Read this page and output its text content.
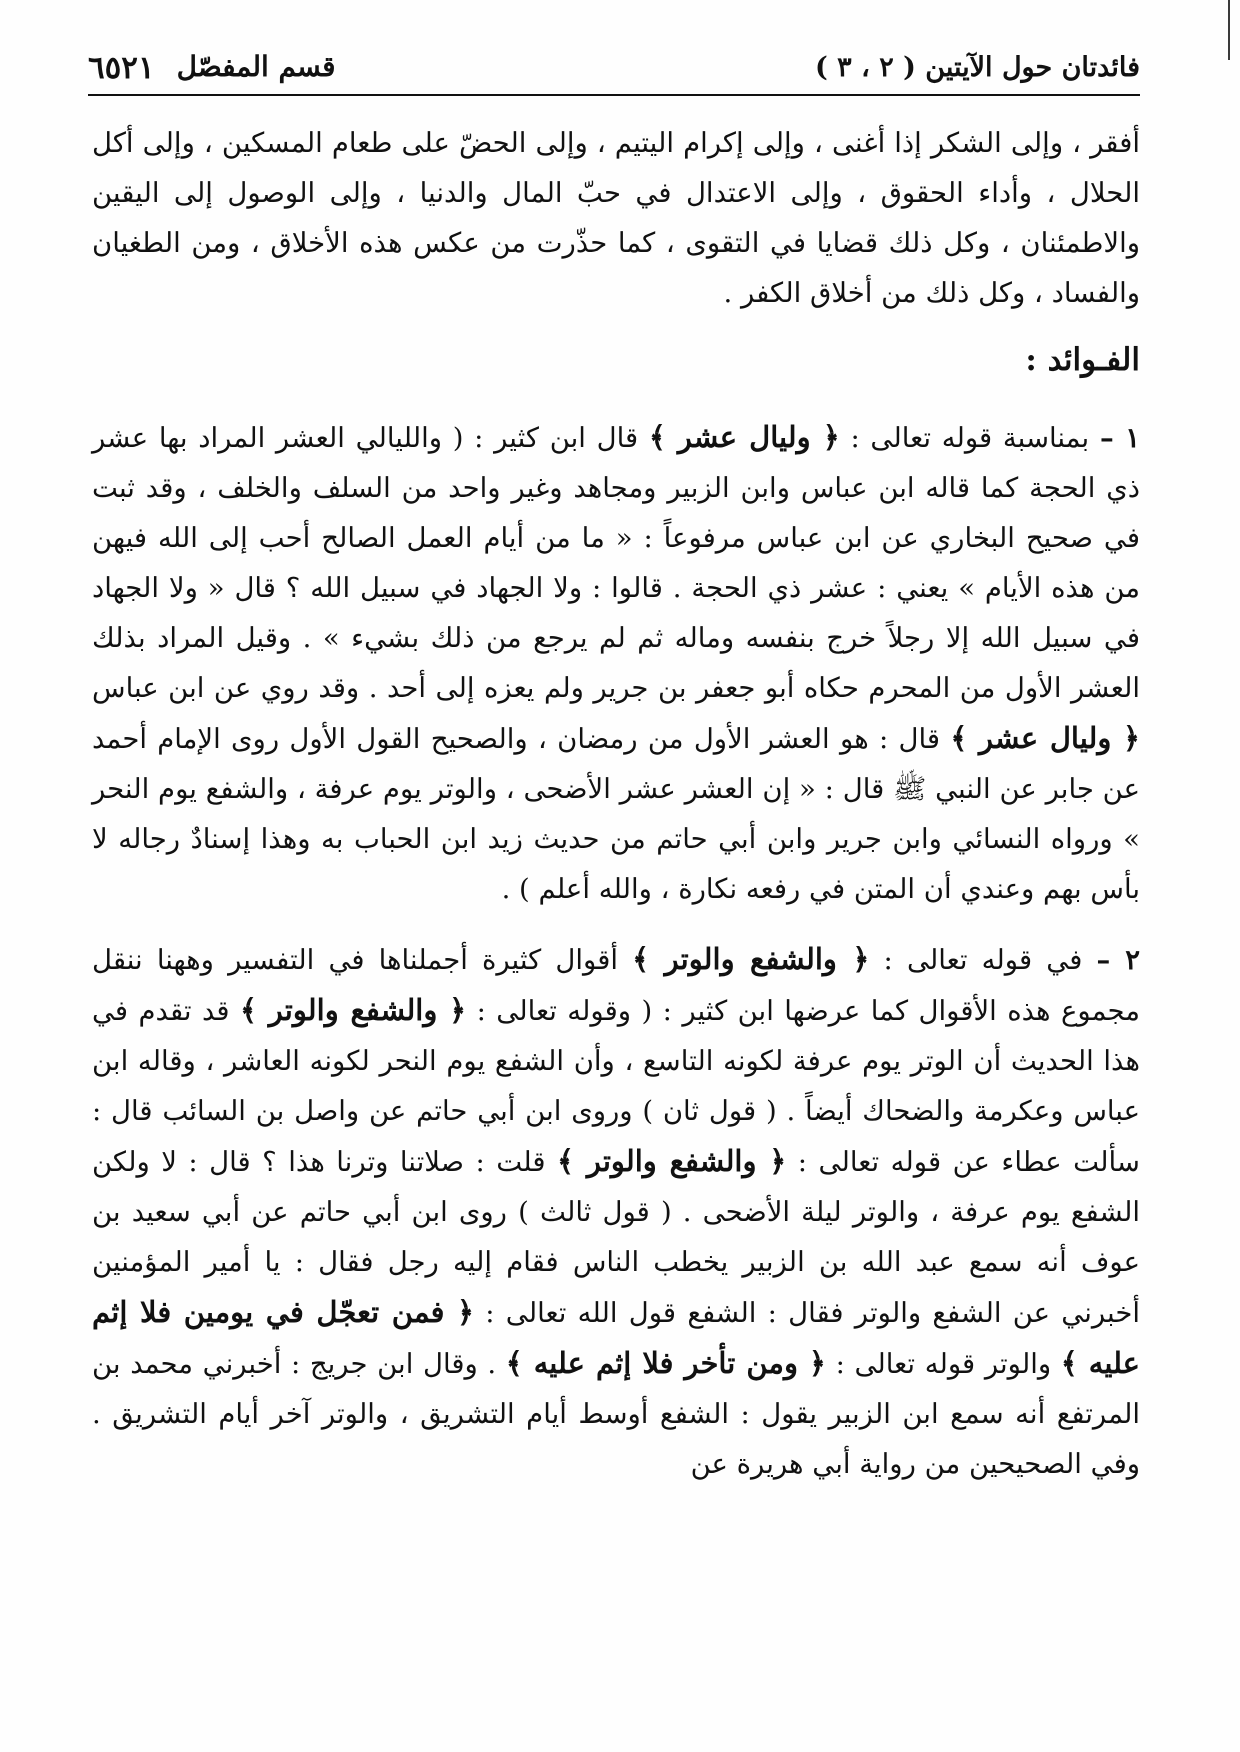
فائدتان حول الآيتين ( ٢ ، ٣ )
قسم المفصّل
٦٥٢١

أفقر ، وإلى الشكر إذا أغنى ، وإلى إكرام اليتيم ، وإلى الحضّ على طعام المسكين ، وإلى أكل الحلال ، وأداء الحقوق ، وإلى الاعتدال في حبّ المال والدنيا ، وإلى الوصول إلى اليقين والاطمئنان ، وكل ذلك قضايا في التقوى ، كما حذّرت من عكس هذه الأخلاق ، ومن الطغيان والفساد ، وكل ذلك من أخلاق الكفر .

الفـوائد :

١ – بمناسبة قوله تعالى : ﴿ وليال عشر ﴾ قال ابن كثير : ( والليالي العشر المراد بها عشر ذي الحجة كما قاله ابن عباس وابن الزبير ومجاهد وغير واحد من السلف والخلف ، وقد ثبت في صحيح البخاري عن ابن عباس مرفوعاً : « ما من أيام العمل الصالح أحب إلى الله فيهن من هذه الأيام » يعني : عشر ذي الحجة . قالوا : ولا الجهاد في سبيل الله ؟ قال « ولا الجهاد في سبيل الله إلا رجلاً خرج بنفسه وماله ثم لم يرجع من ذلك بشيء » . وقيل المراد بذلك العشر الأول من المحرم حكاه أبو جعفر بن جرير ولم يعزه إلى أحد . وقد روي عن ابن عباس ﴿ وليال عشر ﴾ قال : هو العشر الأول من رمضان ، والصحيح القول الأول روى الإمام أحمد عن جابر عن النبي ﷺ قال : « إن العشر عشر الأضحى ، والوتر يوم عرفة ، والشفع يوم النحر » ورواه النسائي وابن جرير وابن أبي حاتم من حديث زيد ابن الحباب به وهذا إسنادٌ رجاله لا بأس بهم وعندي أن المتن في رفعه نكارة ، والله أعلم ) .

٢ – في قوله تعالى : ﴿ والشفع والوتر ﴾ أقوال كثيرة أجملناها في التفسير وههنا ننقل مجموع هذه الأقوال كما عرضها ابن كثير : ( وقوله تعالى : ﴿ والشفع والوتر ﴾ قد تقدم في هذا الحديث أن الوتر يوم عرفة لكونه التاسع ، وأن الشفع يوم النحر لكونه العاشر ، وقاله ابن عباس وعكرمة والضحاك أيضاً . ( قول ثان ) وروى ابن أبي حاتم عن واصل بن السائب قال : سألت عطاء عن قوله تعالى : ﴿ والشفع والوتر ﴾ قلت : صلاتنا وترنا هذا ؟ قال : لا ولكن الشفع يوم عرفة ، والوتر ليلة الأضحى . ( قول ثالث ) روى ابن أبي حاتم عن أبي سعيد بن عوف أنه سمع عبد الله بن الزبير يخطب الناس فقام إليه رجل فقال : يا أمير المؤمنين أخبرني عن الشفع والوتر فقال : الشفع قول الله تعالى : ﴿ فمن تعجّل في يومين فلا إثم عليه ﴾ والوتر قوله تعالى : ﴿ ومن تأخر فلا إثم عليه ﴾ . وقال ابن جريج : أخبرني محمد بن المرتفع أنه سمع ابن الزبير يقول : الشفع أوسط أيام التشريق ، والوتر آخر أيام التشريق . وفي الصحيحين من رواية أبي هريرة عن
